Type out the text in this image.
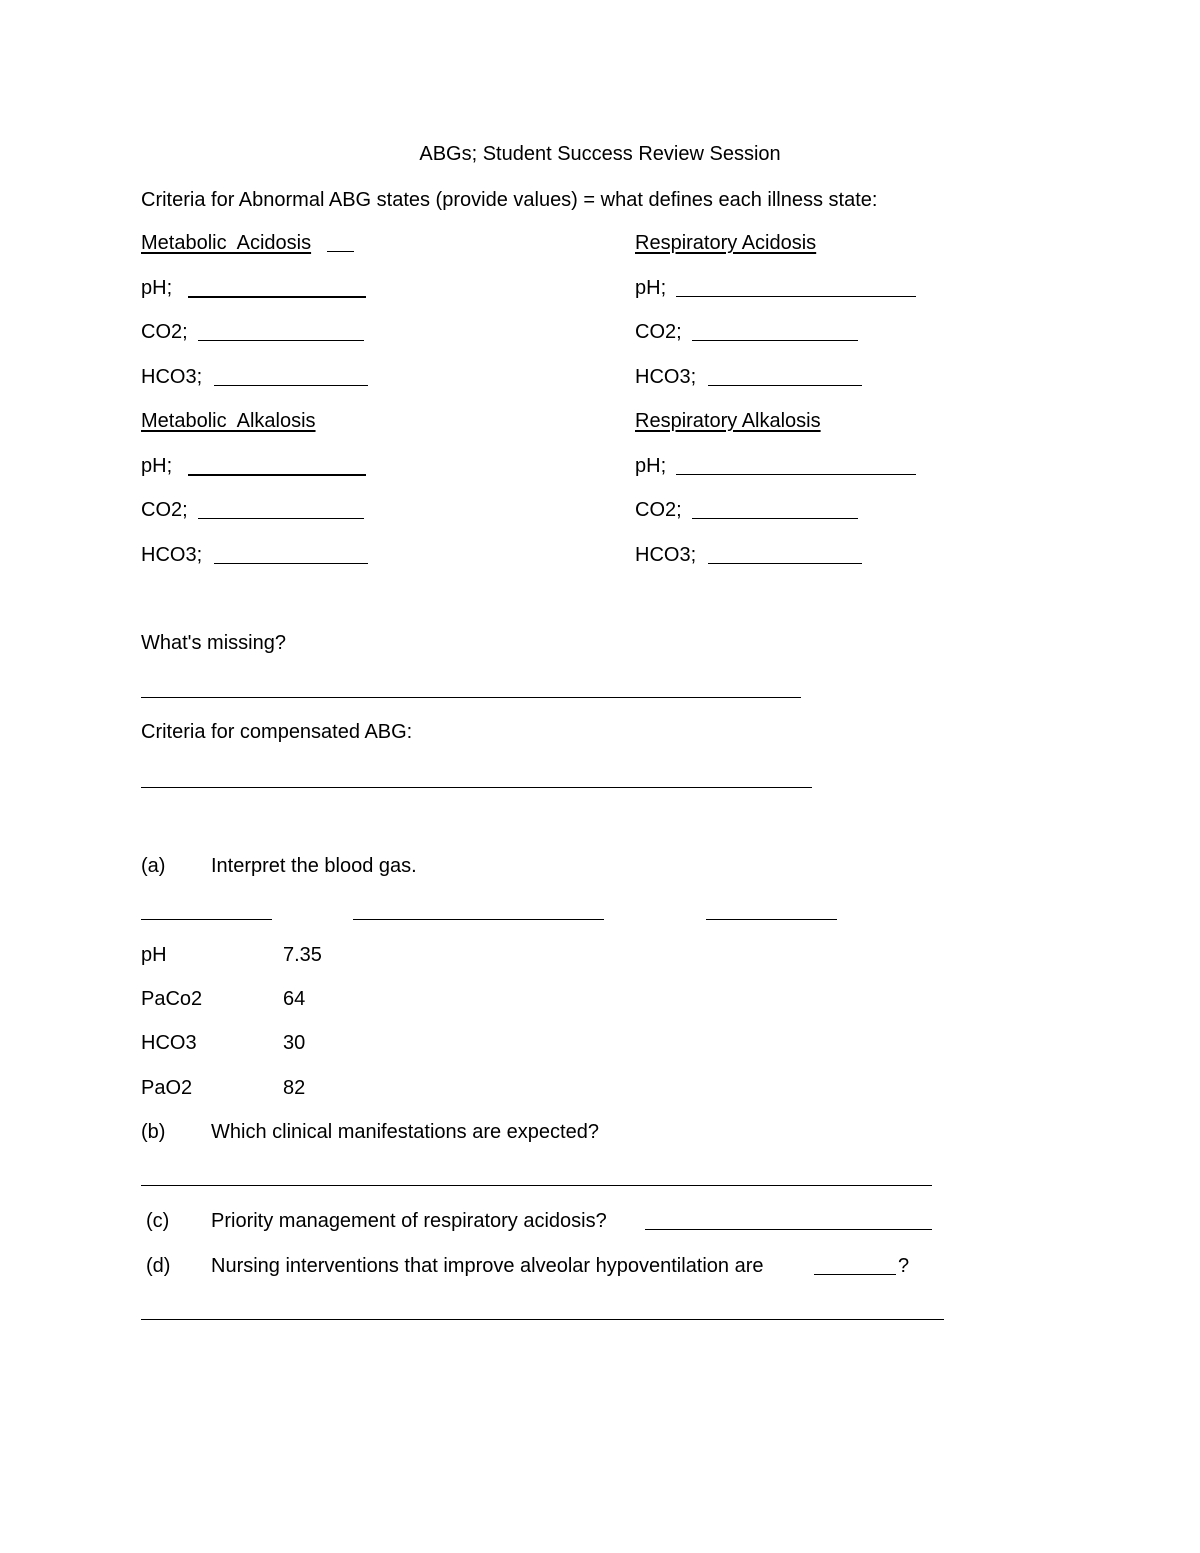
ABGs; Student Success Review Session
Criteria for Abnormal ABG states (provide values) = what defines each illness state:
Metabolic  Acidosis
pH;
CO2;
HCO3;
Respiratory Acidosis
pH;
CO2;
HCO3;
Metabolic  Alkalosis
pH;
CO2;
HCO3;
Respiratory Alkalosis
pH;
CO2;
HCO3;
What's missing?
Criteria for compensated ABG:
(a) Interpret the blood gas.
pH	7.35
PaCo2	64
HCO3	30
PaO2	82
(b) Which clinical manifestations are expected?
(c) Priority management of respiratory acidosis?
(d) Nursing interventions that improve alveolar hypoventilation are	?
